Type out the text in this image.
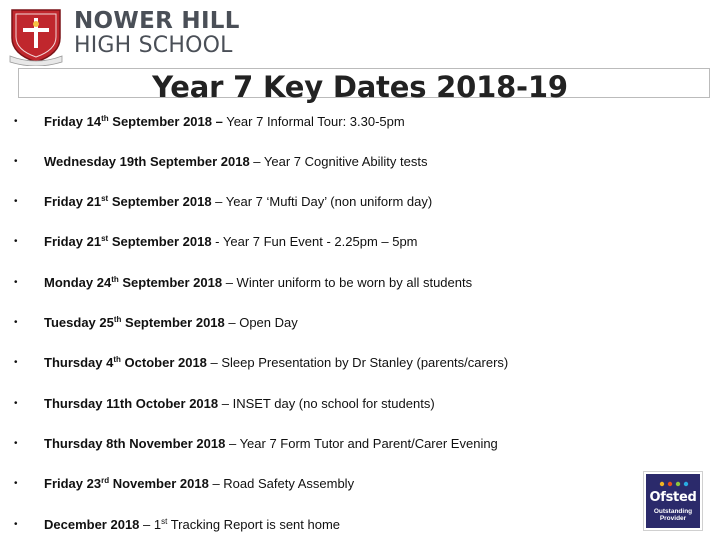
NOWER HILL
HIGH SCHOOL
Year 7 Key Dates 2018-19
• Friday 14th September 2018 – Year 7 Informal Tour: 3.30-5pm
• Wednesday 19th September 2018 – Year 7 Cognitive Ability tests
• Friday 21st September 2018 – Year 7 ‘Mufti Day’ (non uniform day)
• Friday 21st September 2018 - Year 7 Fun Event - 2.25pm – 5pm
• Monday 24th September 2018 – Winter uniform to be worn by all students
• Tuesday 25th September 2018 – Open Day
• Thursday 4th October 2018 – Sleep Presentation by Dr Stanley (parents/carers)
• Thursday 11th October 2018 – INSET day (no school for students)
• Thursday 8th November 2018 – Year 7 Form Tutor and Parent/Carer Evening
• Friday 23rd November 2018 – Road Safety Assembly
• December 2018 – 1st Tracking Report is sent home
Ofsted
Outstanding
Provider
